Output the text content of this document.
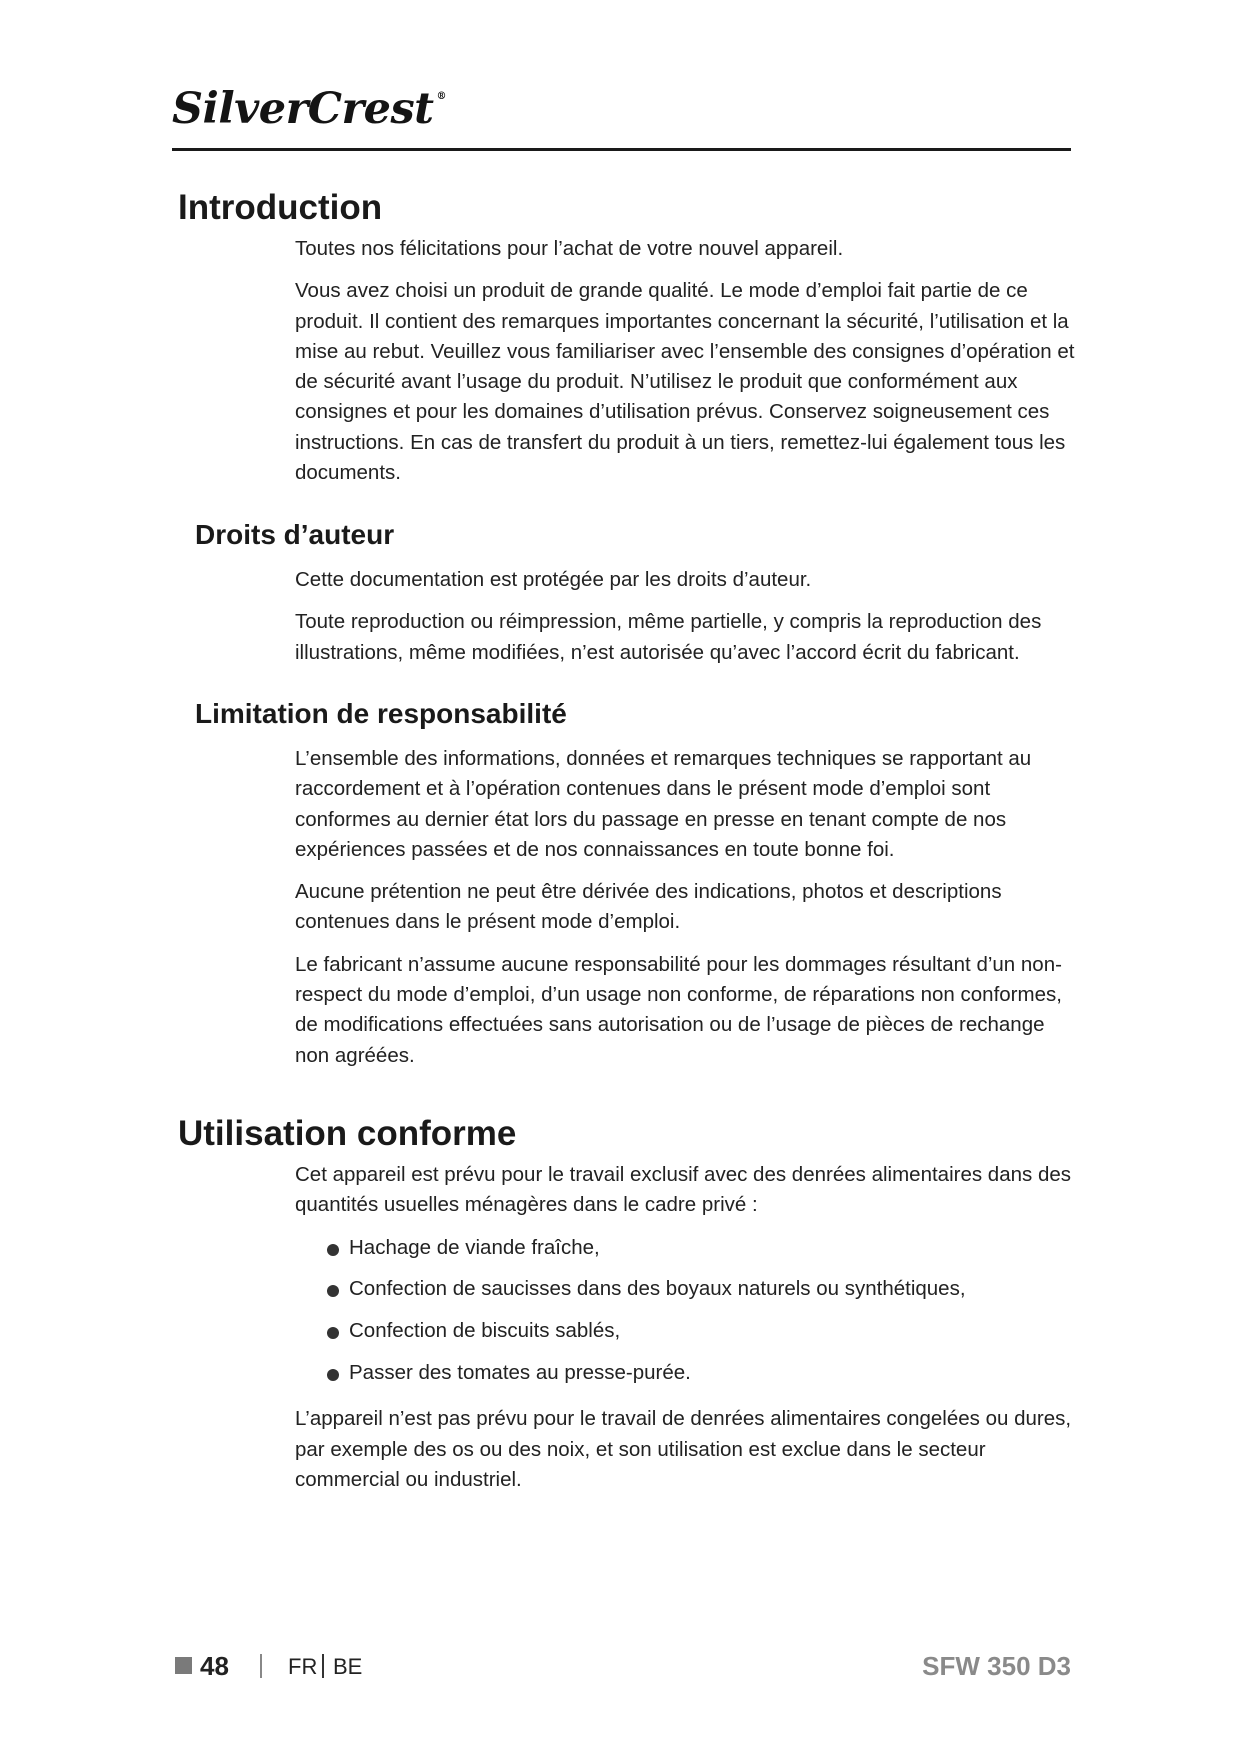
SilverCrest ®
Introduction

Toutes nos félicitations pour l’achat de votre nouvel appareil.

Vous avez choisi un produit de grande qualité. Le mode d’emploi fait partie de ce produit. Il contient des remarques importantes concernant la sécurité, l’utilisation et la mise au rebut. Veuillez vous familiariser avec l’ensemble des consignes d’opération et de sécurité avant l’usage du produit. N’utilisez le produit que conformément aux consignes et pour les domaines d’utilisation prévus. Conservez soigneusement ces instructions. En cas de transfert du produit à un tiers, remettez-lui également tous les documents.

Droits d’auteur

Cette documentation est protégée par les droits d’auteur.

Toute reproduction ou réimpression, même partielle, y compris la reproduction des illustrations, même modifiées, n’est autorisée qu’avec l’accord écrit du fabricant.

Limitation de responsabilité

L’ensemble des informations, données et remarques techniques se rapportant au raccordement et à l’opération contenues dans le présent mode d’emploi sont conformes au dernier état lors du passage en presse en tenant compte de nos expériences passées et de nos connaissances en toute bonne foi.

Aucune prétention ne peut être dérivée des indications, photos et descriptions contenues dans le présent mode d’emploi.

Le fabricant n’assume aucune responsabilité pour les dommages résultant d’un non-respect du mode d’emploi, d’un usage non conforme, de réparations non conformes, de modifications effectuées sans autorisation ou de l’usage de pièces de rechange non agréées.

Utilisation conforme

Cet appareil est prévu pour le travail exclusif avec des denrées alimentaires dans des quantités usuelles ménagères dans le cadre privé :

Hachage de viande fraîche,
Confection de saucisses dans des boyaux naturels ou synthétiques,
Confection de biscuits sablés,
Passer des tomates au presse-purée.

L’appareil n’est pas prévu pour le travail de denrées alimentaires congelées ou dures, par exemple des os ou des noix, et son utilisation est exclue dans le secteur commercial ou industriel.

48	FR BE	SFW 350 D3
